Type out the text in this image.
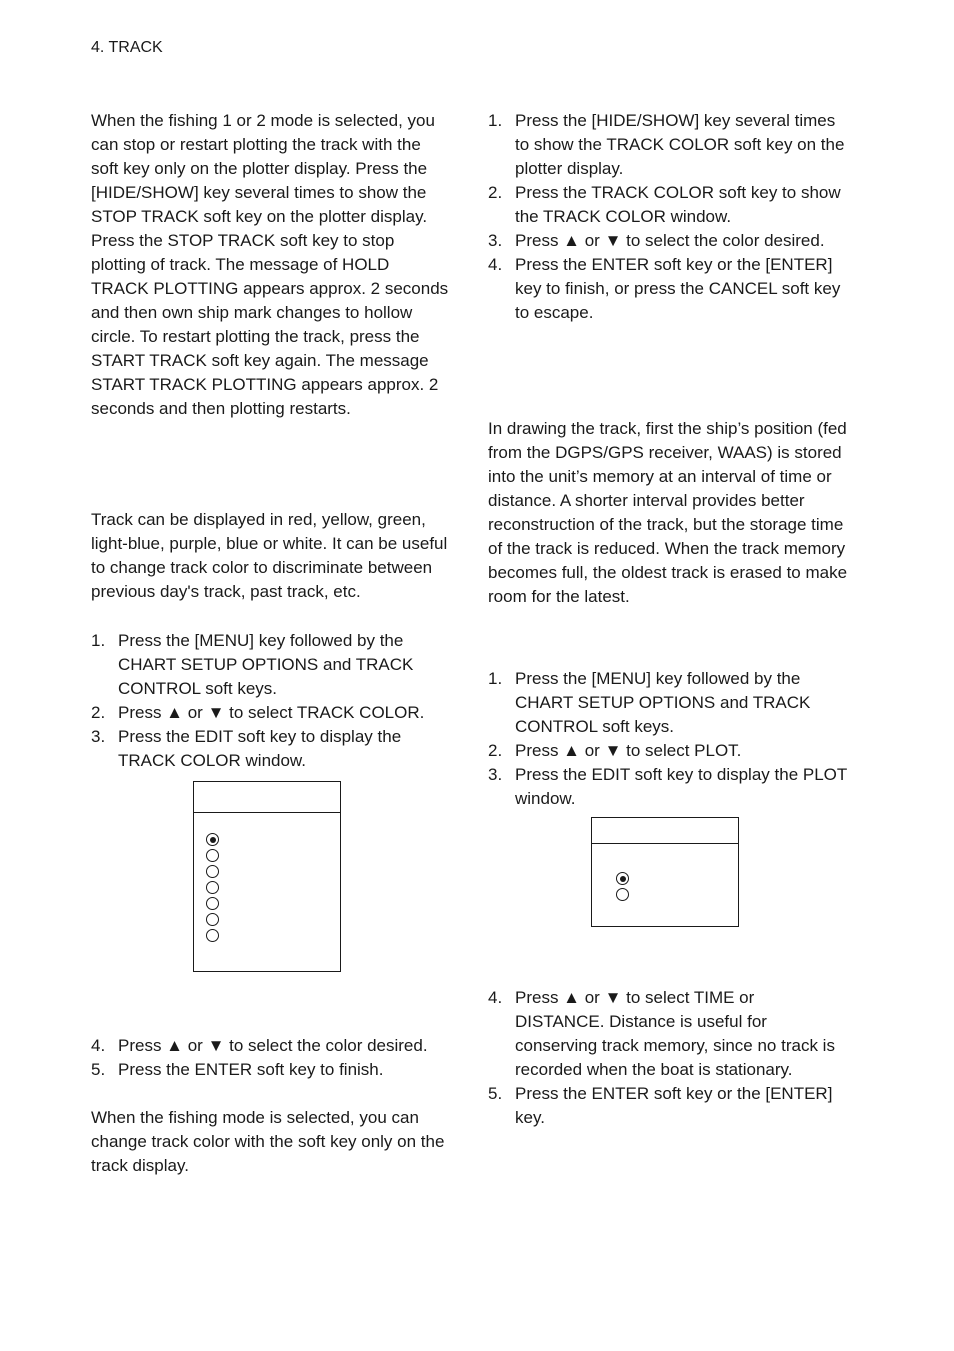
4. TRACK

When the fishing 1 or 2 mode is selected, you can stop or restart plotting the track with the soft key only on the plotter display. Press the [HIDE/SHOW] key several times to show the STOP TRACK soft key on the plotter display. Press the STOP TRACK soft key to stop plotting of track. The message of HOLD TRACK PLOTTING appears approx. 2 seconds and then own ship mark changes to hollow circle. To restart plotting the track, press the START TRACK soft key again. The message START TRACK PLOTTING appears approx. 2 seconds and then plotting restarts.

Track can be displayed in red, yellow, green, light-blue, purple, blue or white. It can be useful to change track color to discriminate between previous day's track, past track, etc.

1. Press the [MENU] key followed by the CHART SETUP OPTIONS and TRACK CONTROL soft keys.
2. Press ▲ or ▼ to select TRACK COLOR.
3. Press the EDIT soft key to display the TRACK COLOR window.
4. Press ▲ or ▼ to select the color desired.
5. Press the ENTER soft key to finish.

When the fishing mode is selected, you can change track color with the soft key only on the track display.

1. Press the [HIDE/SHOW] key several times to show the TRACK COLOR soft key on the plotter display.
2. Press the TRACK COLOR soft key to show the TRACK COLOR window.
3. Press ▲ or ▼ to select the color desired.
4. Press the ENTER soft key or the [ENTER] key to finish, or press the CANCEL soft key to escape.

In drawing the track, first the ship’s position (fed from the DGPS/GPS receiver, WAAS) is stored into the unit’s memory at an interval of time or distance. A shorter interval provides better reconstruction of the track, but the storage time of the track is reduced. When the track memory becomes full, the oldest track is erased to make room for the latest.

1. Press the [MENU] key followed by the CHART SETUP OPTIONS and TRACK CONTROL soft keys.
2. Press ▲ or ▼ to select PLOT.
3. Press the EDIT soft key to display the PLOT window.
4. Press ▲ or ▼ to select TIME or DISTANCE. Distance is useful for conserving track memory, since no track is recorded when the boat is stationary.
5. Press the ENTER soft key or the [ENTER] key.
